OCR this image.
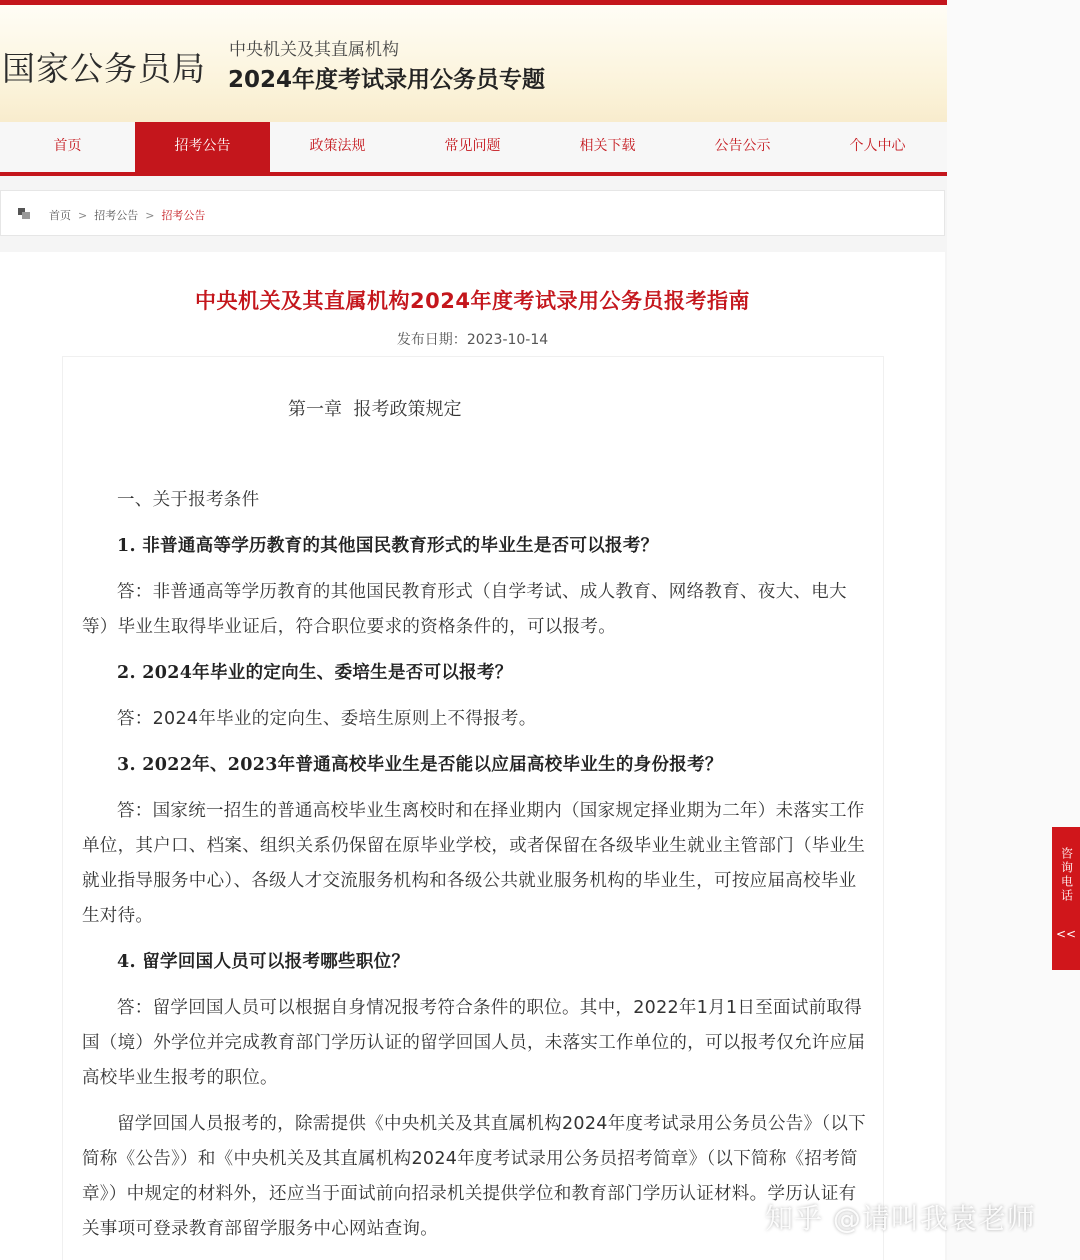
国家公务员局 中央机关及其直属机构
2024年度考试录用公务员专题
首页	招考公告	政策法规	常见问题	相关下载	公告公示	个人中心
首页 > 招考公告 > 招考公告
中央机关及其直属机构2024年度考试录用公务员报考指南
发布日期：2023-10-14
第一章  报考政策规定

一、关于报考条件

1. 非普通高等学历教育的其他国民教育形式的毕业生是否可以报考？

答：非普通高等学历教育的其他国民教育形式（自学考试、成人教育、网络教育、夜大、电大等）毕业生取得毕业证后，符合职位要求的资格条件的，可以报考。

2. 2024年毕业的定向生、委培生是否可以报考？

答：2024年毕业的定向生、委培生原则上不得报考。

3. 2022年、2023年普通高校毕业生是否能以应届高校毕业生的身份报考？

答：国家统一招生的普通高校毕业生离校时和在择业期内（国家规定择业期为二年）未落实工作单位，其户口、档案、组织关系仍保留在原毕业学校，或者保留在各级毕业生就业主管部门（毕业生就业指导服务中心）、各级人才交流服务机构和各级公共就业服务机构的毕业生，可按应届高校毕业生对待。

4. 留学回国人员可以报考哪些职位？

答：留学回国人员可以根据自身情况报考符合条件的职位。其中，2022年1月1日至面试前取得国（境）外学位并完成教育部门学历认证的留学回国人员，未落实工作单位的，可以报考仅允许应届高校毕业生报考的职位。

留学回国人员报考的，除需提供《中央机关及其直属机构2024年度考试录用公务员公告》（以下简称《公告》）和《中央机关及其直属机构2024年度考试录用公务员招考简章》（以下简称《招考简章》）中规定的材料外，还应当于面试前向招录机关提供学位和教育部门学历认证材料。学历认证有关事项可登录教育部留学服务中心网站查询。

咨询电话
<<
知乎 @请叫我袁老师
